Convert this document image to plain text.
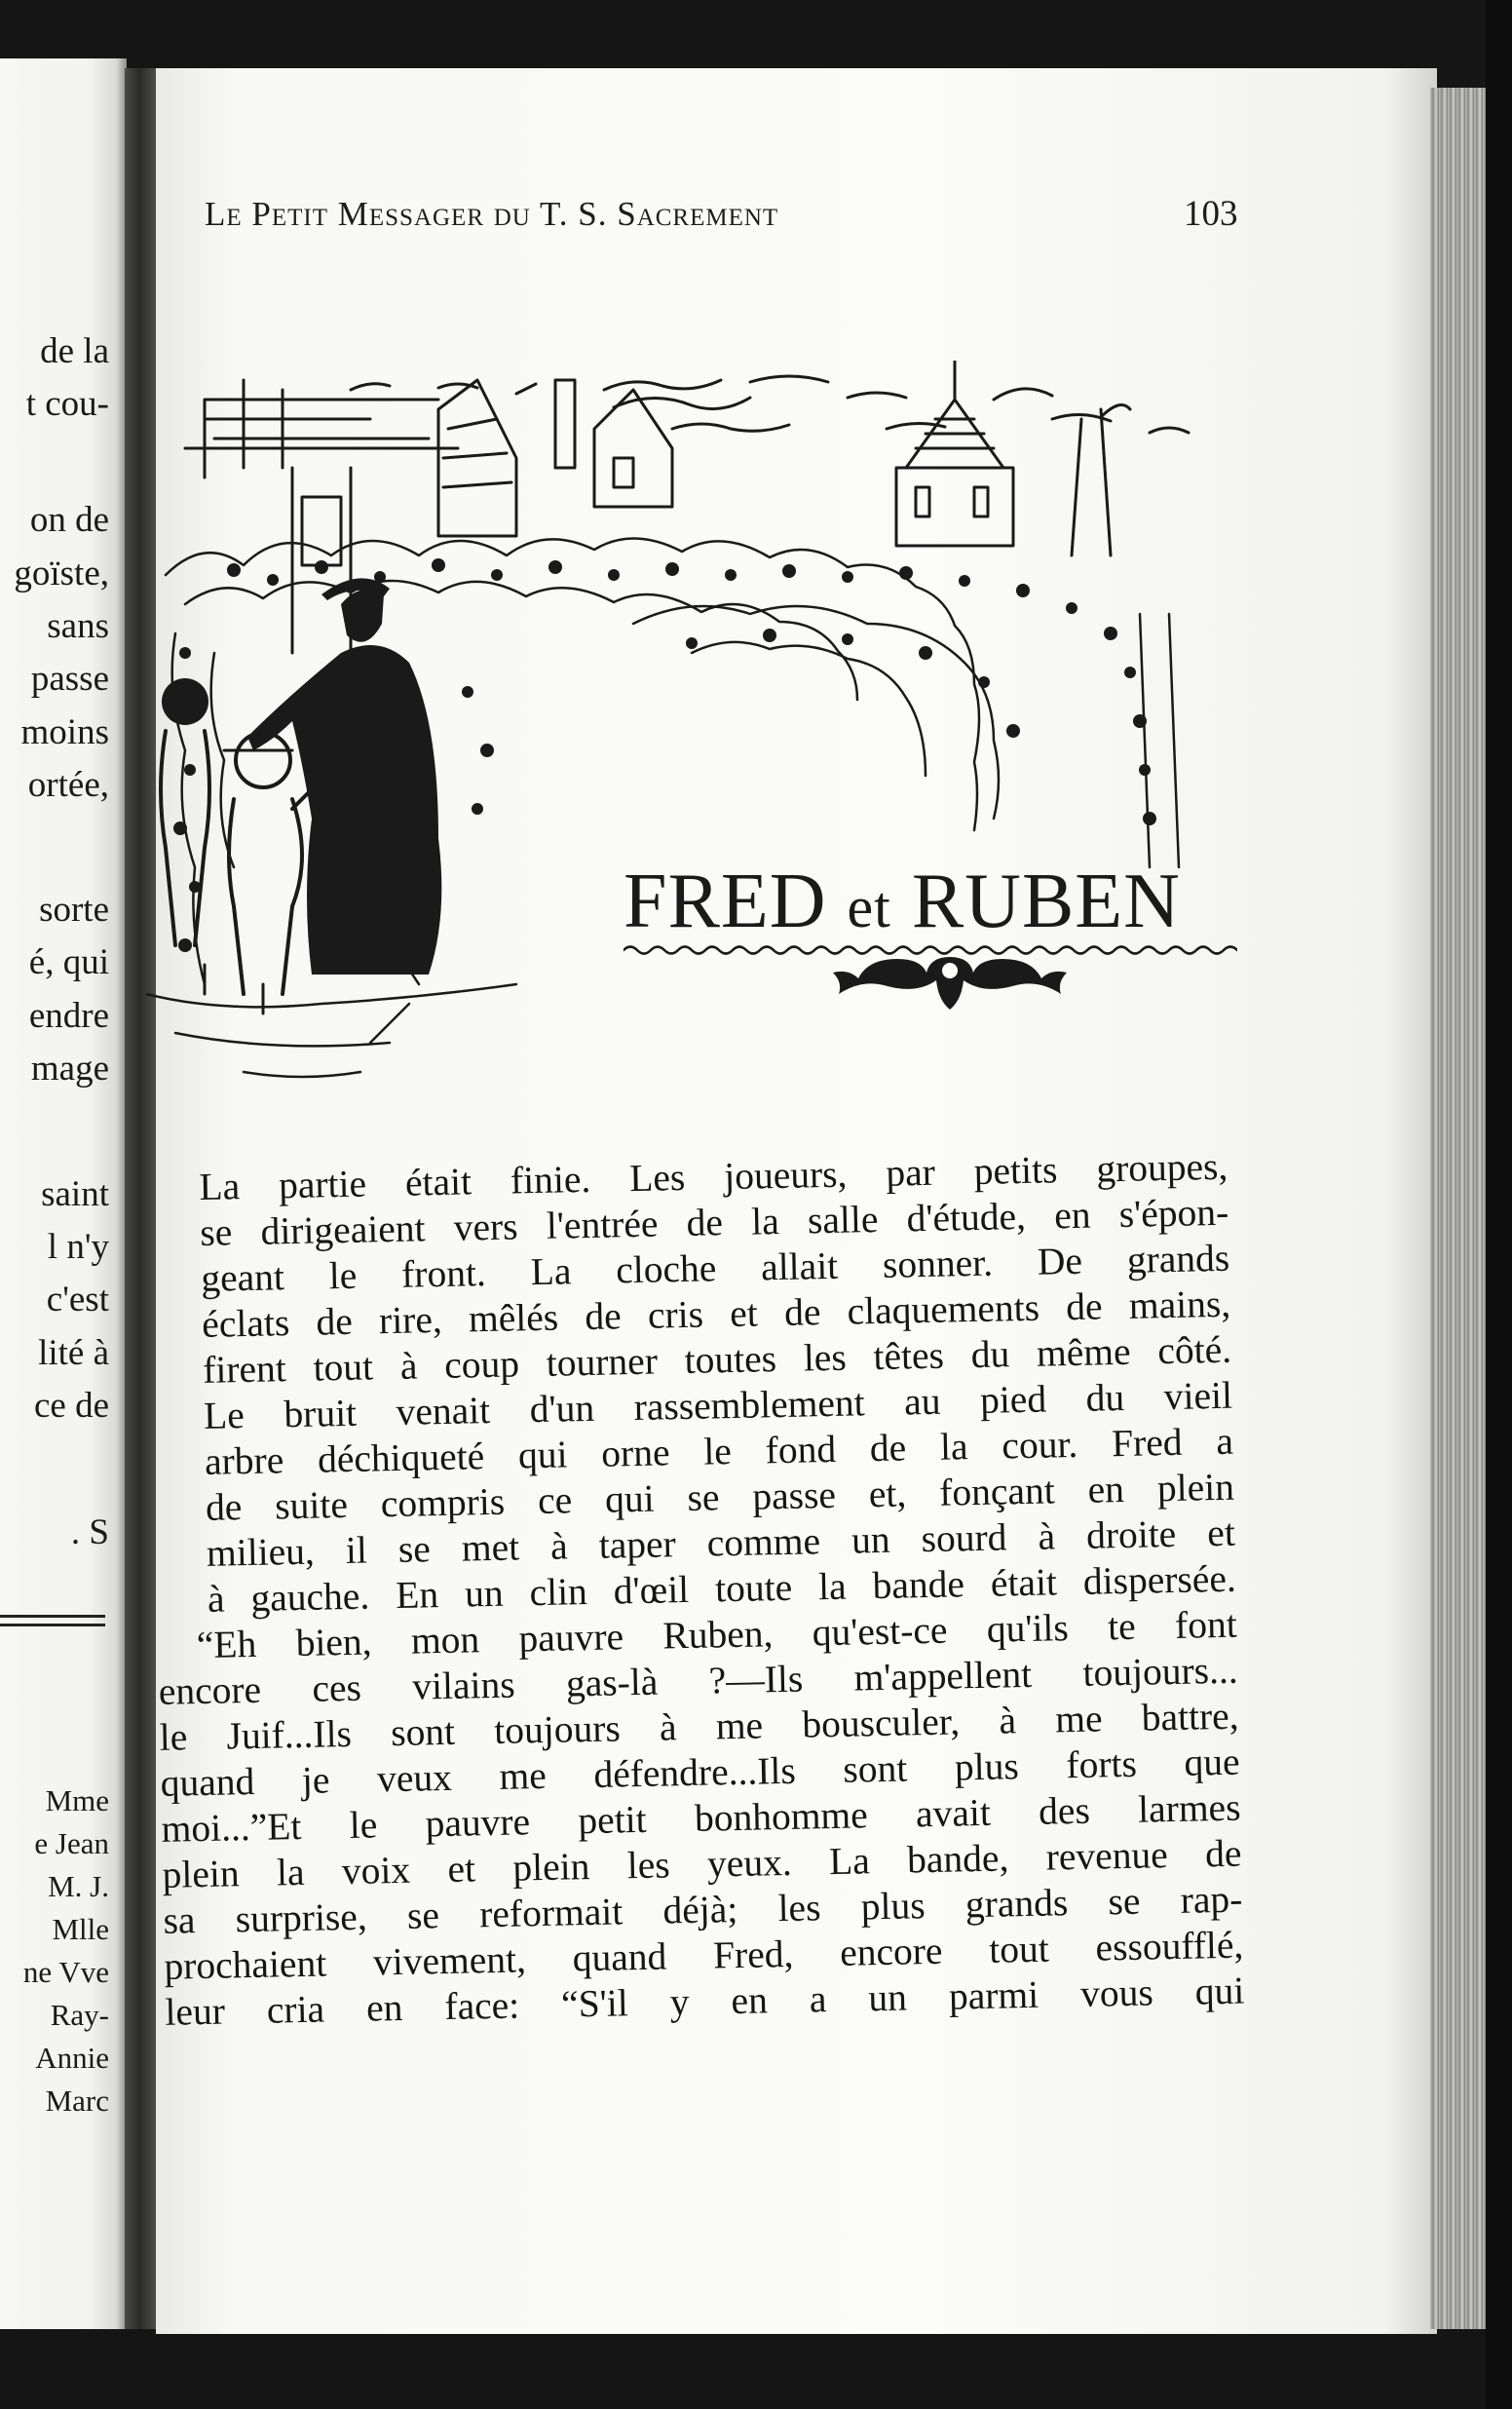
de la
t cou-
on de
goïste,
sans
passe
moins
ortée,
sorte
é, qui
endre
mage
saint
l n'y
c'est
lité à
ce de
. S
Mme
e Jean
M. J.
Mlle
ne Vve
Ray-
Annie
Marc
Le Petit Messager du T. S. Sacrement	103
FRED et RUBEN

La partie était finie. Les joueurs, par petits groupes,
se dirigeaient vers l'entrée de la salle d'étude, en s'épon-
geant le front. La cloche allait sonner. De grands
éclats de rire, mêlés de cris et de claquements de mains,
firent tout à coup tourner toutes les têtes du même côté.
Le bruit venait d'un rassemblement au pied du vieil
arbre déchiqueté qui orne le fond de la cour. Fred a
de suite compris ce qui se passe et, fonçant en plein
milieu, il se met à taper comme un sourd à droite et
à gauche. En un clin d'œil toute la bande était dispersée.

“Eh bien, mon pauvre Ruben, qu'est-ce qu'ils te font

encore ces vilains gas-là ?—Ils m'appellent toujours...
le Juif...Ils sont toujours à me bousculer, à me battre,
quand je veux me défendre...Ils sont plus forts que
moi...”Et le pauvre petit bonhomme avait des larmes
plein la voix et plein les yeux. La bande, revenue de
sa surprise, se reformait déjà; les plus grands se rap-
prochaient vivement, quand Fred, encore tout essoufflé,
leur cria en face: “S'il y en a un parmi vous qui
